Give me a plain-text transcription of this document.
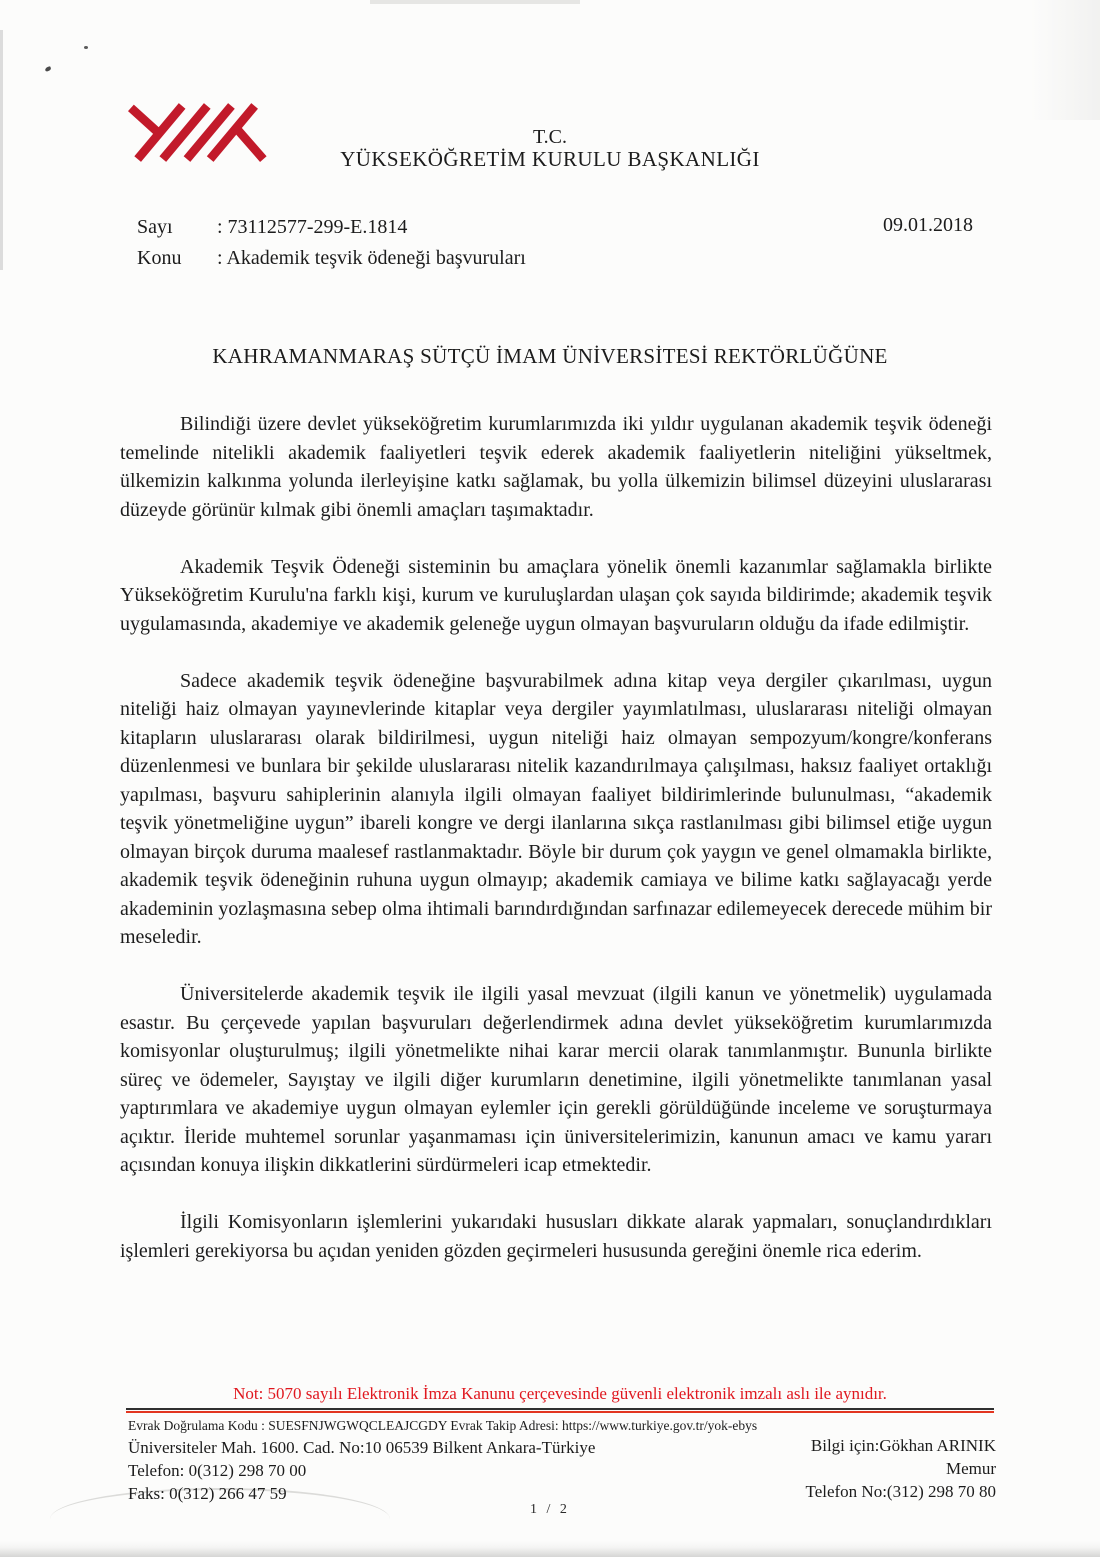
T.C.
YÜKSEKÖĞRETİM KURULU BAŞKANLIĞI
Sayı	: 73112577-299-E.1814
Konu	: Akademik teşvik ödeneği başvuruları
09.01.2018
KAHRAMANMARAŞ SÜTÇÜ İMAM ÜNİVERSİTESİ REKTÖRLÜĞÜNE

Bilindiği üzere devlet yükseköğretim kurumlarımızda iki yıldır uygulanan akademik teşvik ödeneği temelinde nitelikli akademik faaliyetleri teşvik ederek akademik faaliyetlerin niteliğini yükseltmek, ülkemizin kalkınma yolunda ilerleyişine katkı sağlamak, bu yolla ülkemizin bilimsel düzeyini uluslararası düzeyde görünür kılmak gibi önemli amaçları taşımaktadır.

Akademik Teşvik Ödeneği sisteminin bu amaçlara yönelik önemli kazanımlar sağlamakla birlikte Yükseköğretim Kurulu'na farklı kişi, kurum ve kuruluşlardan ulaşan çok sayıda bildirimde; akademik teşvik uygulamasında, akademiye ve akademik geleneğe uygun olmayan başvuruların olduğu da ifade edilmiştir.

Sadece akademik teşvik ödeneğine başvurabilmek adına kitap veya dergiler çıkarılması, uygun niteliği haiz olmayan yayınevlerinde kitaplar veya dergiler yayımlatılması, uluslararası niteliği olmayan kitapların uluslararası olarak bildirilmesi, uygun niteliği haiz olmayan sempozyum/kongre/konferans düzenlenmesi ve bunlara bir şekilde uluslararası nitelik kazandırılmaya çalışılması, haksız faaliyet ortaklığı yapılması, başvuru sahiplerinin alanıyla ilgili olmayan faaliyet bildirimlerinde bulunulması, “akademik teşvik yönetmeliğine uygun” ibareli kongre ve dergi ilanlarına sıkça rastlanılması gibi bilimsel etiğe uygun olmayan birçok duruma maalesef rastlanmaktadır. Böyle bir durum çok yaygın ve genel olmamakla birlikte, akademik teşvik ödeneğinin ruhuna uygun olmayıp; akademik camiaya ve bilime katkı sağlayacağı yerde akademinin yozlaşmasına sebep olma ihtimali barındırdığından sarfınazar edilemeyecek derecede mühim bir meseledir.

Üniversitelerde akademik teşvik ile ilgili yasal mevzuat (ilgili kanun ve yönetmelik) uygulamada esastır. Bu çerçevede yapılan başvuruları değerlendirmek adına devlet yükseköğretim kurumlarımızda komisyonlar oluşturulmuş; ilgili yönetmelikte nihai karar mercii olarak tanımlanmıştır. Bununla birlikte süreç ve ödemeler, Sayıştay ve ilgili diğer kurumların denetimine, ilgili yönetmelikte tanımlanan yasal yaptırımlara ve akademiye uygun olmayan eylemler için gerekli görüldüğünde inceleme ve soruşturmaya açıktır. İleride muhtemel sorunlar yaşanmaması için üniversitelerimizin, kanunun amacı ve kamu yararı açısından konuya ilişkin dikkatlerini sürdürmeleri icap etmektedir.

İlgili Komisyonların işlemlerini yukarıdaki hususları dikkate alarak yapmaları, sonuçlandırdıkları işlemleri gerekiyorsa bu açıdan yeniden gözden geçirmeleri hususunda gereğini önemle rica ederim.

Not: 5070 sayılı Elektronik İmza Kanunu çerçevesinde güvenli elektronik imzalı aslı ile aynıdır.
Evrak Doğrulama Kodu : SUESFNJWGWQCLEAJCGDY Evrak Takip Adresi: https://www.turkiye.gov.tr/yok-ebys
Üniversiteler Mah. 1600. Cad. No:10 06539 Bilkent Ankara-Türkiye
Telefon: 0(312) 298 70 00
Faks: 0(312) 266 47 59
Bilgi için:Gökhan ARINIK
Memur
Telefon No:(312) 298 70 80
1 / 2
